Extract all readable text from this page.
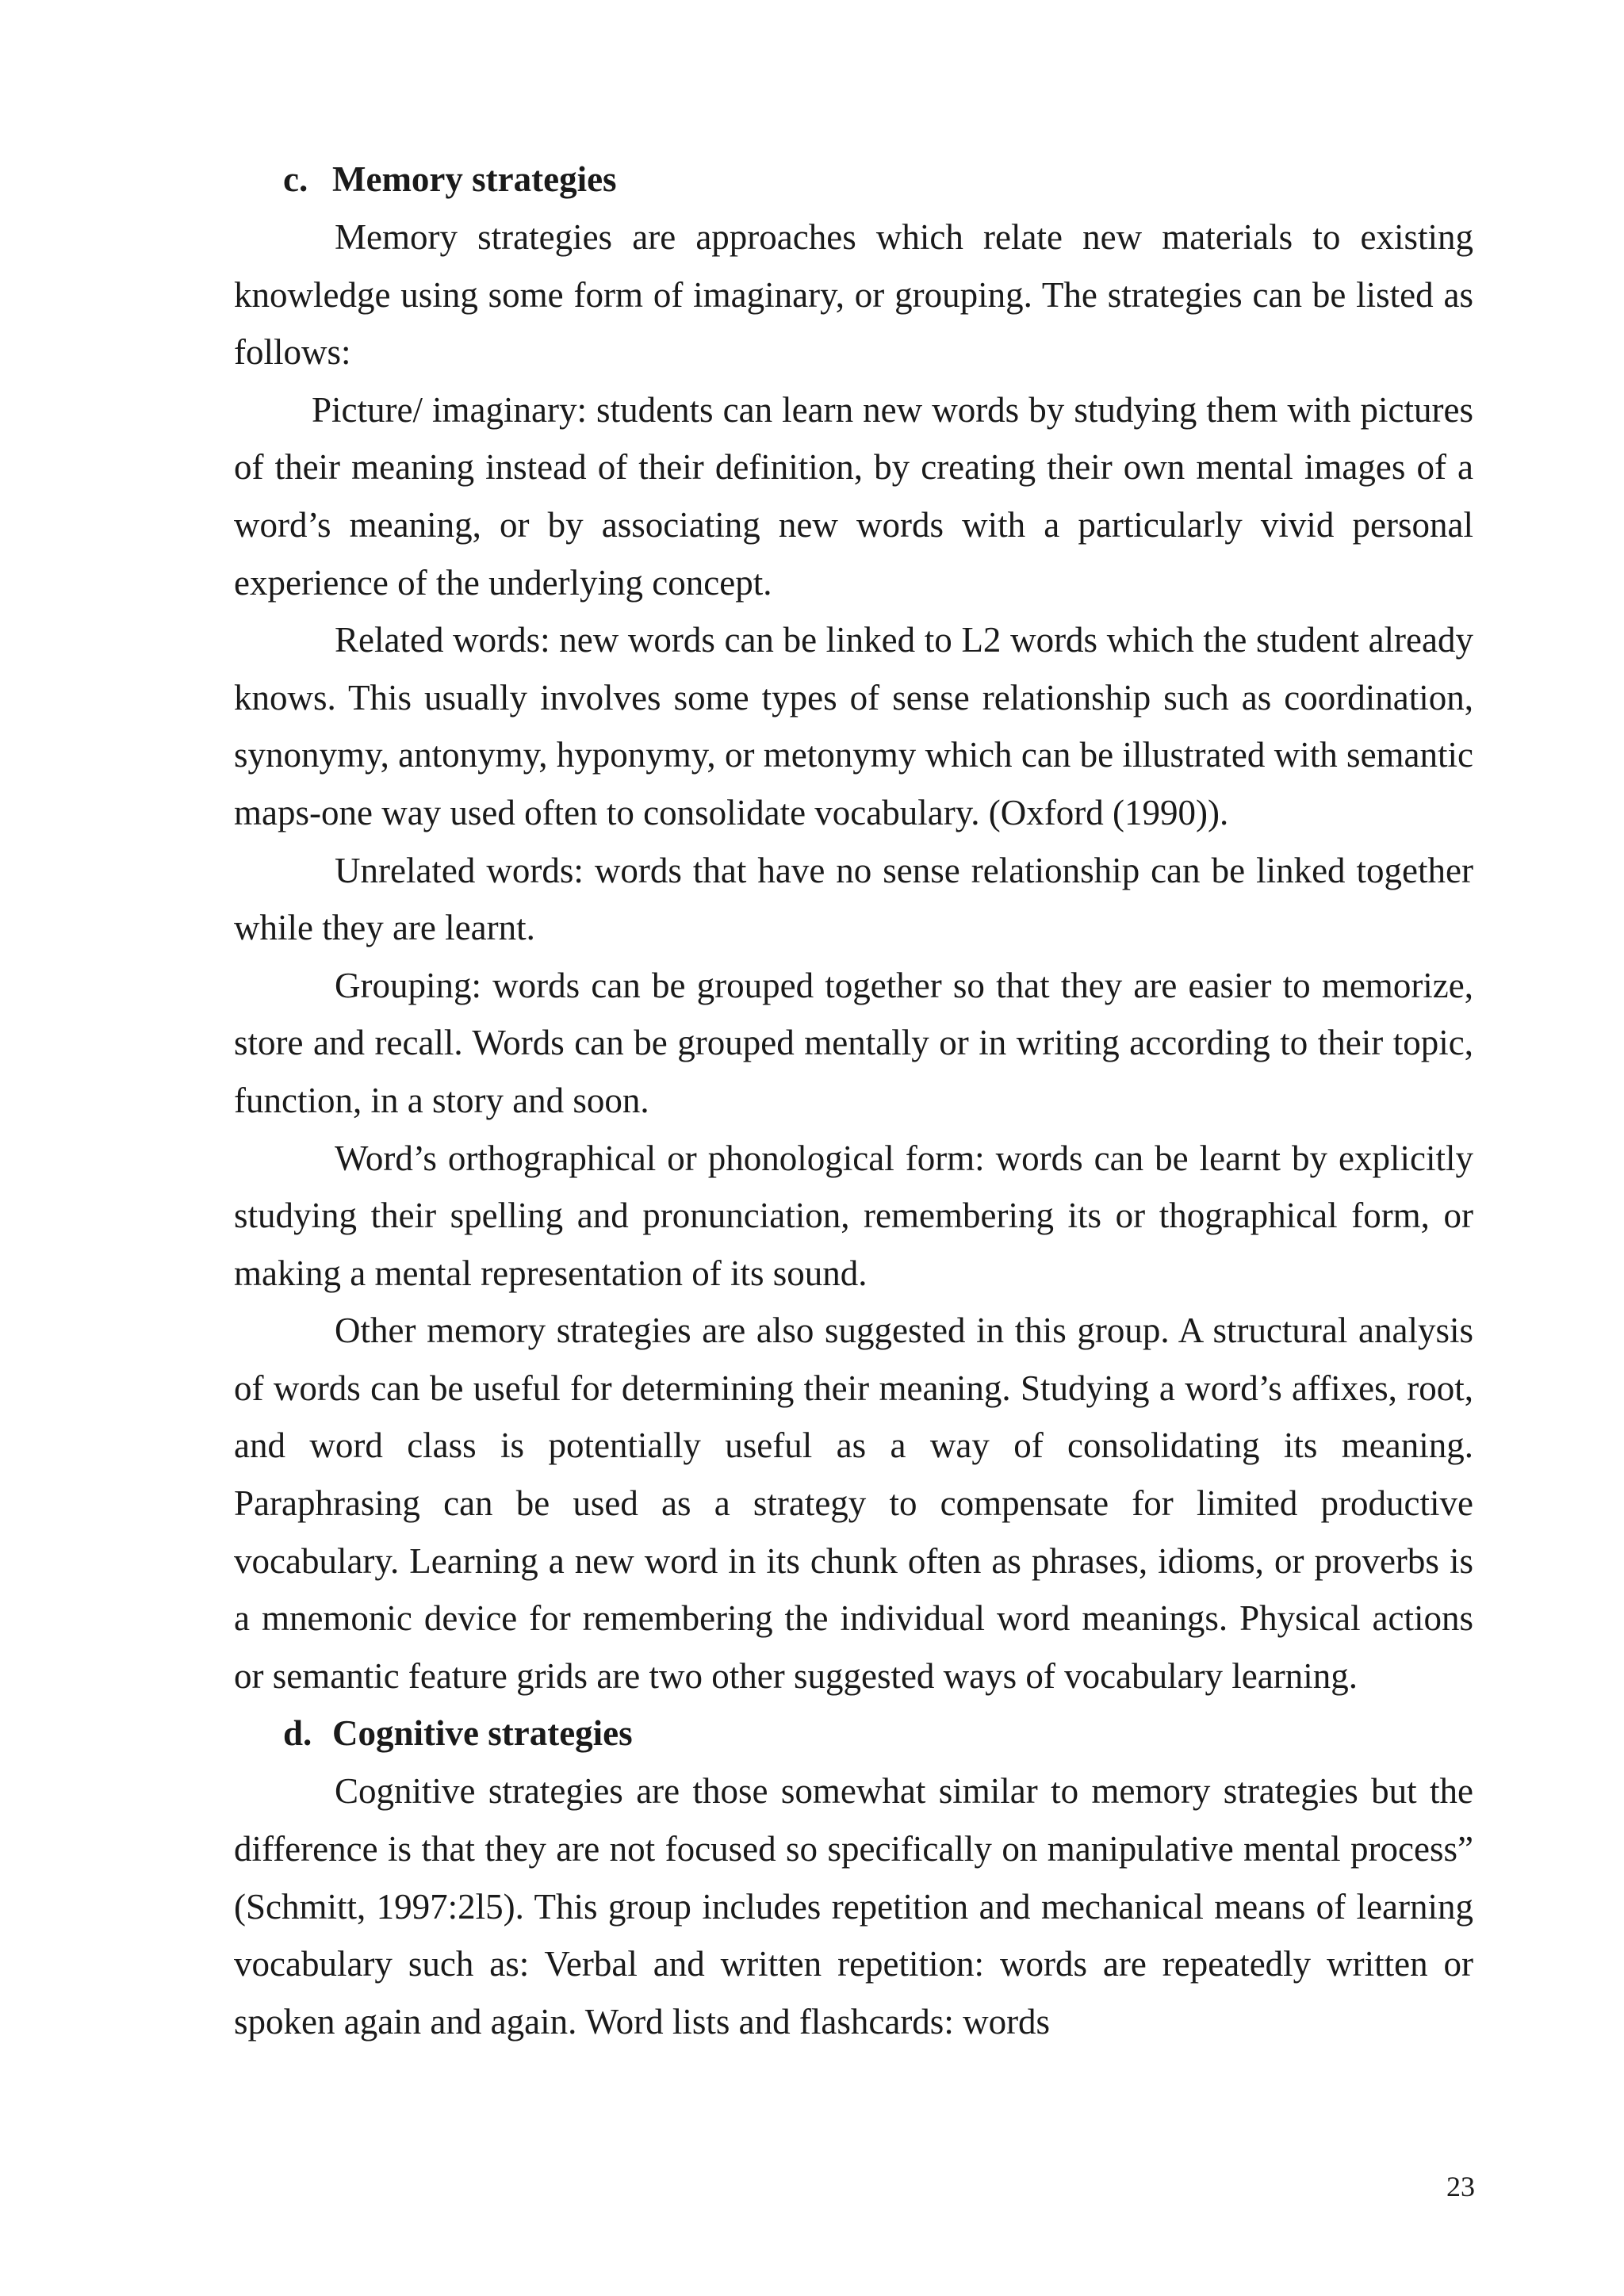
c. Memory strategies

Memory strategies are approaches which relate new materials to existing knowledge using some form of imaginary, or grouping. The strategies can be listed as follows:

Picture/ imaginary: students can learn new words by studying them with pictures of their meaning instead of their definition, by creating their own mental images of a word’s meaning, or by associating new words with a particularly vivid personal experience of the underlying concept.

Related words: new words can be linked to L2 words which the student already knows. This usually involves some types of sense relationship such as coordination, synonymy, antonymy, hyponymy, or metonymy which can be illustrated with semantic maps-one way used often to consolidate vocabulary. (Oxford (1990)).

Unrelated words: words that have no sense relationship can be linked together while they are learnt.

Grouping: words can be grouped together so that they are easier to memorize, store and recall. Words can be grouped mentally or in writing according to their topic, function, in a story and soon.

Word’s orthographical or phonological form: words can be learnt by explicitly studying their spelling and pronunciation, remembering its or thographical form, or making a mental representation of its sound.

Other memory strategies are also suggested in this group. A structural analysis of words can be useful for determining their meaning. Studying a word’s affixes, root, and word class is potentially useful as a way of consolidating its meaning. Paraphrasing can be used as a strategy to compensate for limited productive vocabulary. Learning a new word in its chunk often as phrases, idioms, or proverbs is a mnemonic device for remembering the individual word meanings. Physical actions or semantic feature grids are two other suggested ways of vocabulary learning.

d. Cognitive strategies

Cognitive strategies are those somewhat similar to memory strategies but the difference is that they are not focused so specifically on manipulative mental process” (Schmitt, 1997:2l5). This group includes repetition and mechanical means of learning vocabulary such as: Verbal and written repetition: words are repeatedly written or spoken again and again. Word lists and flashcards: words

23
